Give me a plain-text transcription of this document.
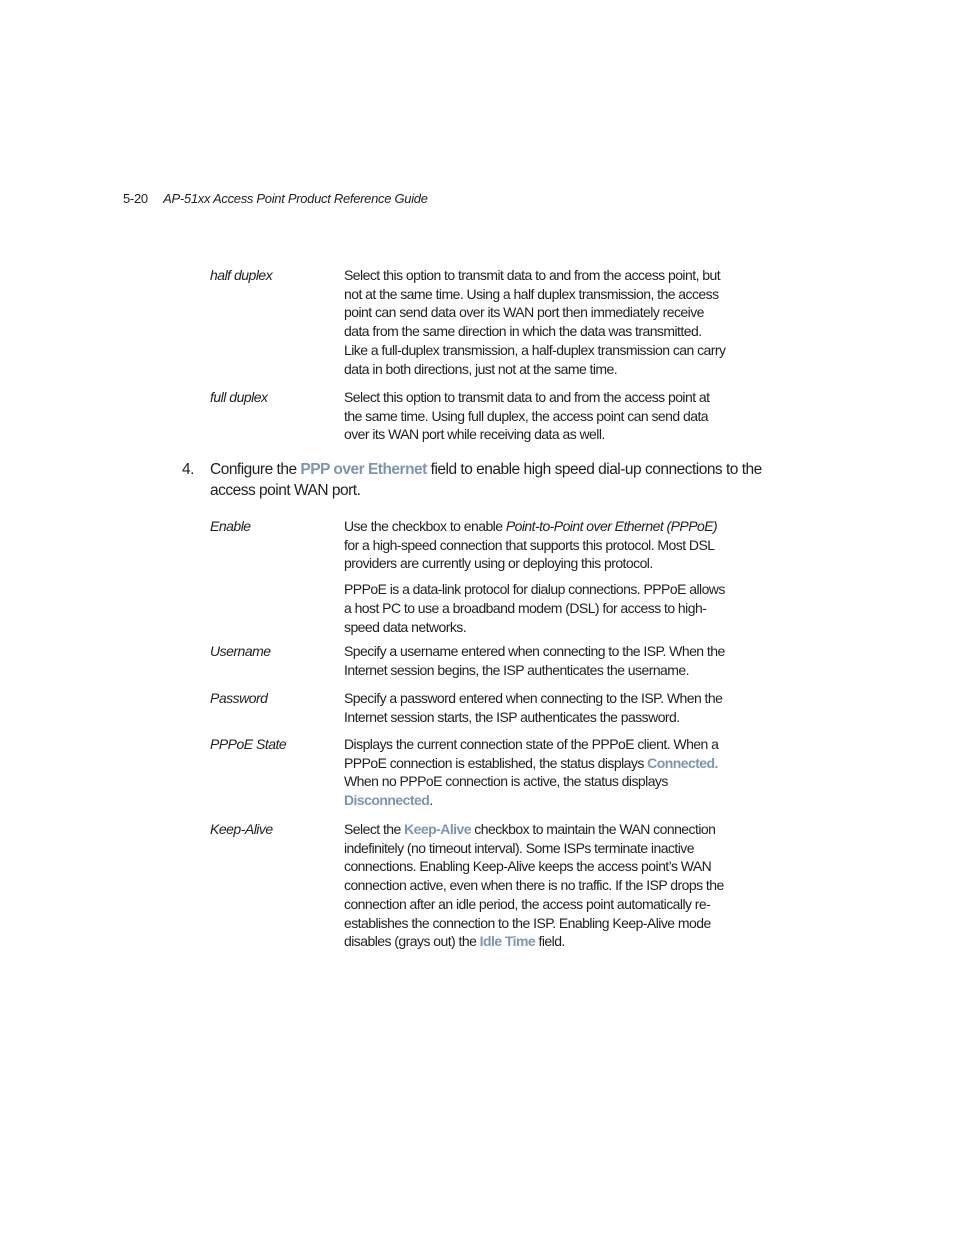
5-20 AP-51xx Access Point Product Reference Guide
half duplex	Select this option to transmit data to and from the access point, but not at the same time. Using a half duplex transmission, the access point can send data over its WAN port then immediately receive data from the same direction in which the data was transmitted. Like a full-duplex transmission, a half-duplex transmission can carry data in both directions, just not at the same time.
full duplex	Select this option to transmit data to and from the access point at the same time. Using full duplex, the access point can send data over its WAN port while receiving data as well.
4. Configure the PPP over Ethernet field to enable high speed dial-up connections to the access point WAN port.
Enable	Use the checkbox to enable Point-to-Point over Ethernet (PPPoE) for a high-speed connection that supports this protocol. Most DSL providers are currently using or deploying this protocol.

PPPoE is a data-link protocol for dialup connections. PPPoE allows a host PC to use a broadband modem (DSL) for access to high-speed data networks.

Username	Specify a username entered when connecting to the ISP. When the Internet session begins, the ISP authenticates the username.
Password	Specify a password entered when connecting to the ISP. When the Internet session starts, the ISP authenticates the password.
PPPoE State	Displays the current connection state of the PPPoE client. When a PPPoE connection is established, the status displays Connected. When no PPPoE connection is active, the status displays Disconnected.
Keep-Alive	Select the Keep-Alive checkbox to maintain the WAN connection indefinitely (no timeout interval). Some ISPs terminate inactive connections. Enabling Keep-Alive keeps the access point’s WAN connection active, even when there is no traffic. If the ISP drops the connection after an idle period, the access point automatically re-establishes the connection to the ISP. Enabling Keep-Alive mode disables (grays out) the Idle Time field.
